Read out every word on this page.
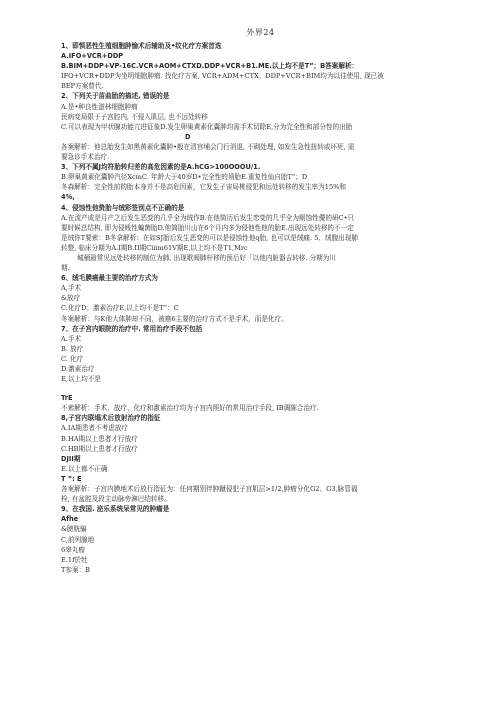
外界24

1、即惧恶性生殖细胞肿愉术后辅助及•纹化疗方案首选

A.IFO+VCR+DDP

B.BIM+DDP+VP-16C.VCR+AOM+CTXD.DDP+VCR+B1.ME.以上均不是T”；B答案解析：

IFO+VCR+DDP为坐明细胞肿瘤. 找化疗方案, VCR+ADM+CTX、DDP+VCR+BIM均为以往使用, 现已被

BEP方案替代.

2、下列关于苗曲胎的描述, 错误的是

A.是•种良性滋林细胞肿瘤

民病变局限于子宫腔内, 不侵入肌层, 也不远处转移

C.可以表现为甲状腺功能亢进征象D.发生卵巢黄素化囊肿均需手术切除E,分为完全性和部分性的出胎

D

各案解析：他总胎发生如黑黄素化囊肿•般在清宫埔会门行消退, 不砌处理, 如发生急性扭转或坏死, 需

要急诊手术治疗.

3、下列不属J均符胎转归差的高危因素的是A.hCG>100OOOU/1.

B.卵巢黄素化囊肿汽径XcmC. 年龄大于40岁D•完全性的须胎E.重复性仙自胎T”；D

冬森解析：完全性前的胎本身并不是高危因素，它发生子宙局桃侵犯和远处转移的发生率为15%和

4%,

4、侵蚀性他贽胎与绒彩签别点不正确的是

A.在流产或是月产之后发生恶变的几乎全为绒作B.在他简历后发生恋变的几乎全为厕蚀性優的研C•只

要时候总结构, 即为侵贱性蝙菌胎D.他简胎川山在6个月内多为侵他性他的胎E.出现远处转移的不一定

是绒你T要索：B冬拿解析：在如SJ胎后发生恶变的可以是侵蚀性他q胎, 也可以是绒痛. 5、绒腹出现肺

转整, 临床分期为A.I期B.II期Ciiim61V期E,以上均不是T1,Mrc

城桶最常见远处转移的制位为肺, 出现歌阀肺杆移的预后好「以他内脏器吉转移. 分期为川

期.

6、绒毛膜癌最主要的治疗方式为

A,手术

&放疗

C.化疗D；激素治疗E,以上均不是T”：C

冬案解析：与K他大体肿却不同，被癌6主要的治疗方式不是手术，而是化疗。

7、在子宫内眼院的治疗中. 常用治疗手段不包括

A.手术

B. 放疗

C. 化疗

D.激素治疗

E,以上均不是

TrE

不索解析：手术、放疗、化疗和激素治疗均为子宫内照好的常用治疗手段, IB调陈合治疗.

8,子宫内联塌术后放射治疗的指征

A.IA期患者不考虑放疗

B.HA期以上患者才行放疗

C.HB期以上患者才行放疗

DJII期

E.以上都不正确

T ”: E

各案解析：子宫内膜地术后放行指征为：任何期别伴肿蹴侵犯子宫肌层>1/2,肿瘤分化G2、G3,脉管福

栓, 有盆腔及段主动脉旁淋巴结转移。

9、在我国. 泌乐系统呆常见的肿瘤是

Afhe

&膀胱骗

C,前列腺地

6睾丸瘤

E.1f於牡

T参案：B
